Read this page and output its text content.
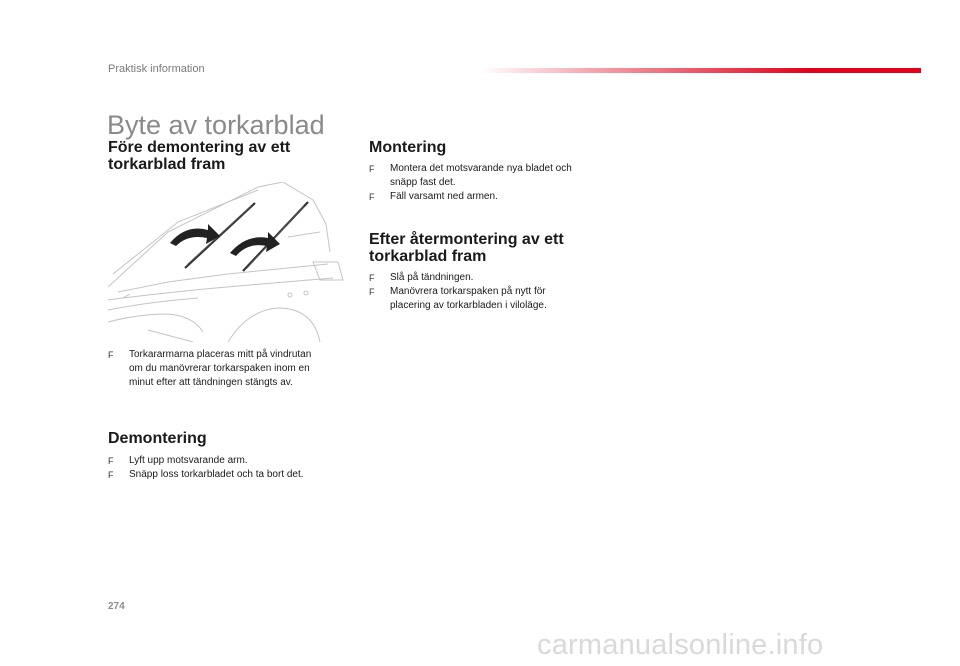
Praktisk information
Byte av torkarblad
Före demontering av ett
torkarblad fram
F Torkararmarna placeras mitt på vindrutan
om du manövrerar torkarspaken inom en
minut efter att tändningen stängts av.
Demontering
F Lyft upp motsvarande arm.
F Snäpp loss torkarbladet och ta bort det.
Montering
F Montera det motsvarande nya bladet och
snäpp fast det.
F Fäll varsamt ned armen.
Efter återmontering av ett
torkarblad fram
F Slå på tändningen.
F Manövrera torkarspaken på nytt för
placering av torkarbladen i viloläge.
274
carmanualsonline.info
